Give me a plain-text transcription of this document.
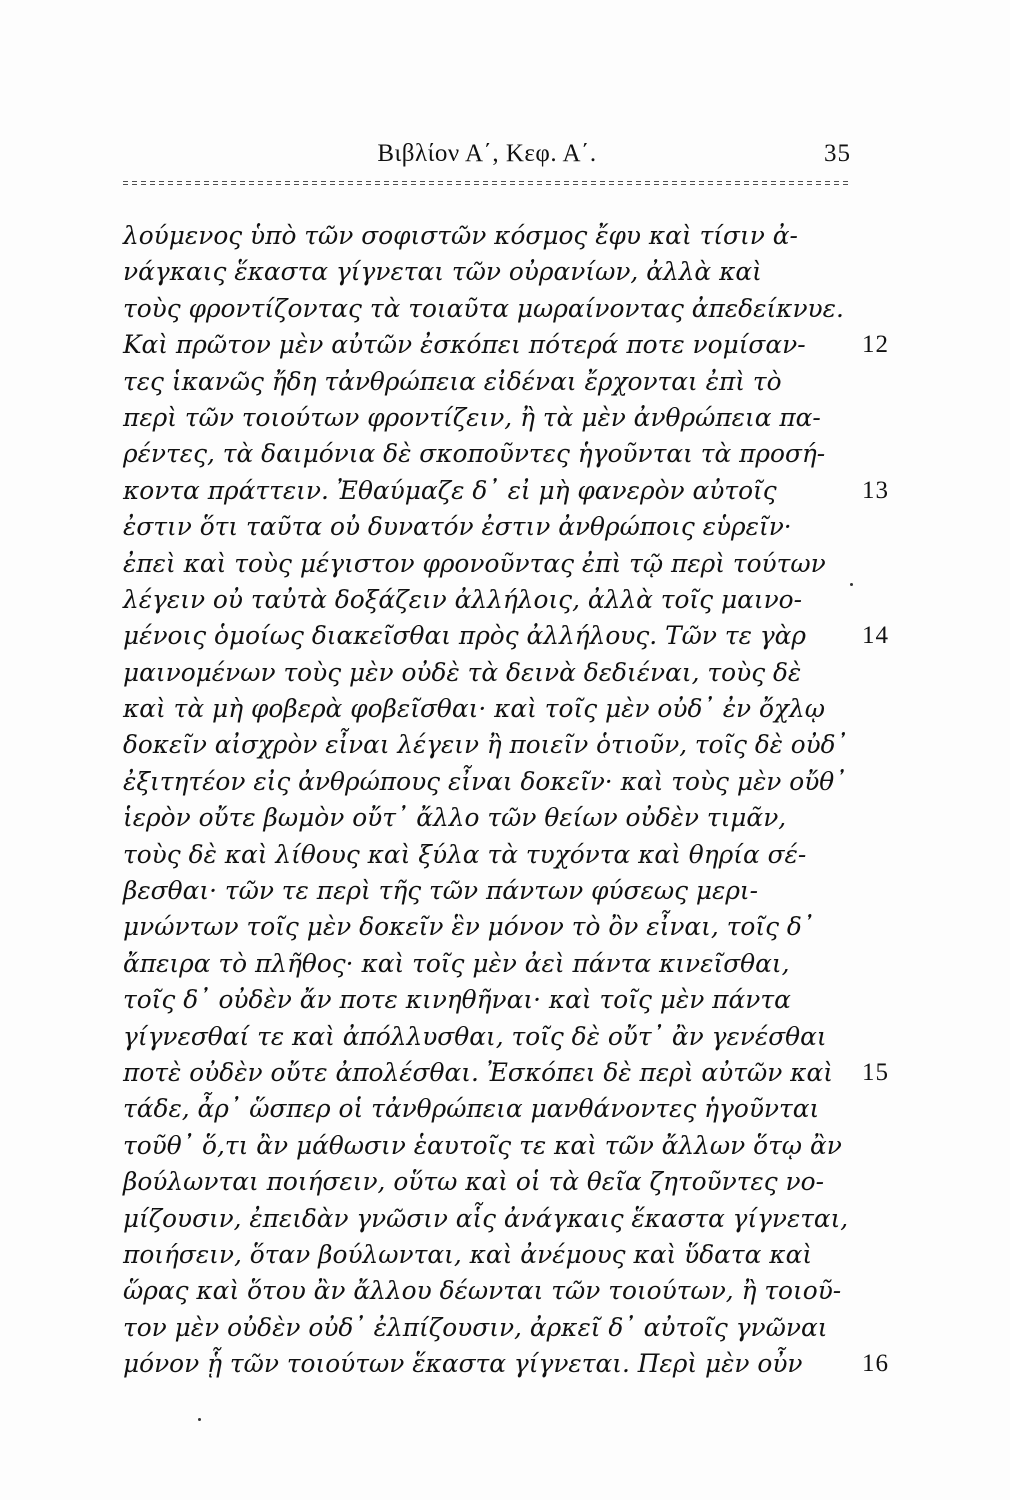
Βιβλίον Α΄, Κεφ. Α΄.	35
λούμενος ὑπὸ τῶν σοφιστῶν κόσμος ἔφυ καὶ τίσιν ἀ-
νάγκαις ἕκαστα γίγνεται τῶν οὐρανίων, ἀλλὰ καὶ
τοὺς φροντίζοντας τὰ τοιαῦτα μωραίνοντας ἀπεδείκνυε.
Καὶ πρῶτον μὲν αὐτῶν ἐσκόπει πότερά ποτε νομίσαν- 12
τες ἱκανῶς ἤδη τἀνθρώπεια εἰδέναι ἔρχονται ἐπὶ τὸ
περὶ τῶν τοιούτων φροντίζειν, ἢ τὰ μὲν ἀνθρώπεια πα-
ρέντες, τὰ δαιμόνια δὲ σκοποῦντες ἡγοῦνται τὰ προσή-
κοντα πράττειν. Ἐθαύμαζε δ᾽ εἰ μὴ φανερὸν αὐτοῖς	13
ἐστιν ὅτι ταῦτα οὐ δυνατόν ἐστιν ἀνθρώποις εὑρεῖν·
ἐπεὶ καὶ τοὺς μέγιστον φρονοῦντας ἐπὶ τῷ περὶ τούτων
λέγειν οὐ ταὐτὰ δοξάζειν ἀλλήλοις, ἀλλὰ τοῖς μαινο-
μένοις ὁμοίως διακεῖσθαι πρὸς ἀλλήλους. Τῶν τε γὰρ 14
μαινομένων τοὺς μὲν οὐδὲ τὰ δεινὰ δεδιέναι, τοὺς δὲ
καὶ τὰ μὴ φοβερὰ φοβεῖσθαι· καὶ τοῖς μὲν οὐδ᾽ ἐν ὄχλῳ
δοκεῖν αἰσχρὸν εἶναι λέγειν ἢ ποιεῖν ὁτιοῦν, τοῖς δὲ οὐδ᾽
ἐξιτητέον εἰς ἀνθρώπους εἶναι δοκεῖν· καὶ τοὺς μὲν οὔθ᾽
ἱερὸν οὔτε βωμὸν οὔτ᾽ ἄλλο τῶν θείων οὐδὲν τιμᾶν,
τοὺς δὲ καὶ λίθους καὶ ξύλα τὰ τυχόντα καὶ θηρία σέ-
βεσθαι· τῶν τε περὶ τῆς τῶν πάντων φύσεως μερι-
μνώντων τοῖς μὲν δοκεῖν ἓν μόνον τὸ ὂν εἶναι, τοῖς δ᾽
ἄπειρα τὸ πλῆθος· καὶ τοῖς μὲν ἀεὶ πάντα κινεῖσθαι,
τοῖς δ᾽ οὐδὲν ἄν ποτε κινηθῆναι· καὶ τοῖς μὲν πάντα
γίγνεσθαί τε καὶ ἀπόλλυσθαι, τοῖς δὲ οὔτ᾽ ἂν γενέσθαι
ποτὲ οὐδὲν οὔτε ἀπολέσθαι. Ἐσκόπει δὲ περὶ αὐτῶν καὶ 15
τάδε, ἆρ᾽ ὥσπερ οἱ τἀνθρώπεια μανθάνοντες ἡγοῦνται
τοῦθ᾽ ὅ,τι ἂν μάθωσιν ἑαυτοῖς τε καὶ τῶν ἄλλων ὅτῳ ἂν
βούλωνται ποιήσειν, οὕτω καὶ οἱ τὰ θεῖα ζητοῦντες νο-
μίζουσιν, ἐπειδὰν γνῶσιν αἷς ἀνάγκαις ἕκαστα γίγνεται,
ποιήσειν, ὅταν βούλωνται, καὶ ἀνέμους καὶ ὕδατα καὶ
ὥρας καὶ ὅτου ἂν ἄλλου δέωνται τῶν τοιούτων, ἢ τοιοῦ-
τον μὲν οὐδὲν οὐδ᾽ ἐλπίζουσιν, ἀρκεῖ δ᾽ αὐτοῖς γνῶναι
μόνον ᾗ τῶν τοιούτων ἕκαστα γίγνεται. Περὶ μὲν οὖν 16
